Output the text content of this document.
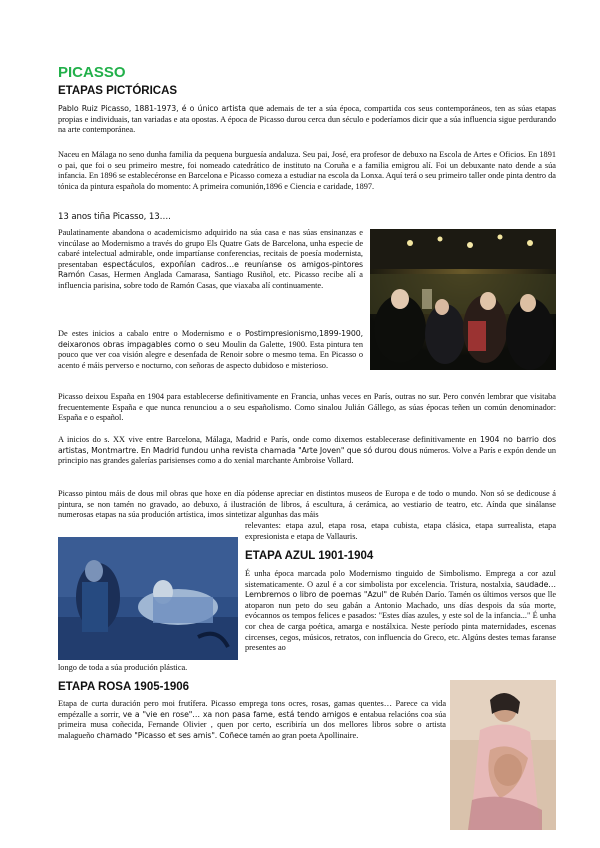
PICASSO
ETAPAS PICTÓRICAS
Pablo Ruiz Picasso, 1881-1973, é o único artista que ademais de ter a súa época, compartida cos seus contemporáneos, ten as súas etapas propias e individuais, tan variadas e ata opostas. A época de Picasso durou cerca dun século e poderíamos dicir que a súa influencia sigue perdurando na arte contemporánea.
Naceu en Málaga no seno dunha familia da pequena burguesía andaluza. Seu pai, José, era profesor de debuxo na Escola de Artes e Oficios. En 1891 o pai, que foi o seu primeiro mestre, foi nomeado catedrático de instituto na Coruña e a familia emigrou alí. Foi un debuxante nato dende a súa infancia. En 1896 se establecéronse en Barcelona e Picasso comeza a estudiar na escola da Lonxa. Aquí terá o seu primeiro taller onde pinta dentro da tónica da pintura española do momento: A primeira comunión,1896 e Ciencia e caridade, 1897.
13 anos tiña Picasso, 13….
Paulatinamente abandona o academicismo adquirido na súa casa e nas súas ensinanzas e vincúlase ao Modernismo a través do grupo Els Quatre Gats de Barcelona, unha especie de cabaré intelectual admirable, onde impartíanse conferencias, recitais de poesía modernista, presentaban espectáculos, expoñían cadros…e reuníanse os amigos-pintores Ramón Casas, Hermen Anglada Camarasa, Santiago Rusiñol, etc. Picasso recibe alí a influencia parisina, sobre todo de Ramón Casas, que viaxaba alí continuamente.
De estes inicios a cabalo entre o Modernismo e o Postimpresionismo,1899-1900, deixaronos obras impagables como o seu Moulin da Galette, 1900. Esta pintura ten pouco que ver coa visión alegre e desenfada de Renoir sobre o mesmo tema. En Picasso o acento é máis perverso e nocturno, con señoras de aspecto dubidoso e misterioso.
Picasso deixou España en 1904 para establecerse definitivamente en Francia, unhas veces en París, outras no sur. Pero convén lembrar que visitaba frecuentemente España e que nunca renunciou a o seu españolismo. Como sinalou Julián Gállego, as súas épocas teñen un común denominador: España e o español.
A inicios do s. XX vive entre Barcelona, Málaga, Madrid e París, onde como dixemos establecerase definitivamente en 1904 no barrio dos artistas, Montmartre. En Madrid fundou unha revista chamada "Arte Joven" que só durou dous números. Volve a París e expón dende un principio nas grandes galerías parisienses como a do xenial marchante Ambroise Vollard.
Picasso pintou máis de dous mil obras que hoxe en día pódense apreciar en distintos museos de Europa e de todo o mundo. Non só se dedicouse á pintura, se non tamén no gravado, ao debuxo, á ilustración de libros, á escultura, á cerámica, ao vestiario de teatro, etc. Aínda que sinálanse numerosas etapas na súa produción artística, imos sintetizar algunhas das máis
relevantes: etapa azul, etapa rosa, etapa cubista, etapa clásica, etapa surrealista, etapa expresionista e etapa de Vallauris.
ETAPA AZUL 1901-1904
É unha época marcada polo Modernismo tinguido de Simbolismo. Emprega a cor azul sistematicamente. O azul é a cor simbolista por excelencia. Tristura, nostalxia, saudade… Lembremos o libro de poemas "Azul" de Rubén Darío. Tamén os últimos versos que lle atoparon nun peto do seu gabán a Antonio Machado, uns días despois da súa morte, evócannos os tempos felices e pasados: "Estes días azules, y este sol de la infancia..." É unha cor chea de carga poética, amarga e nostálxica. Neste período pinta maternidades, escenas circenses, cegos, músicos, retratos, con influencia do Greco, etc. Algúns destes temas faranse presentes ao
longo de toda a súa produción plástica.
ETAPA ROSA 1905-1906
Etapa de curta duración pero moi frutífera. Picasso emprega tons ocres, rosas, gamas quentes… Parece ca vida empézalle a sorrir, ve a "vie en rose"… xa non pasa fame, está tendo amigos e entabua relacións coa súa primeira musa coñecida, Fernande Olivier , quen por certo, escribiría un dos mellores libros sobre o artista malagueño chamado "Picasso et ses amis". Coñece tamén ao gran poeta Apollinaire.
